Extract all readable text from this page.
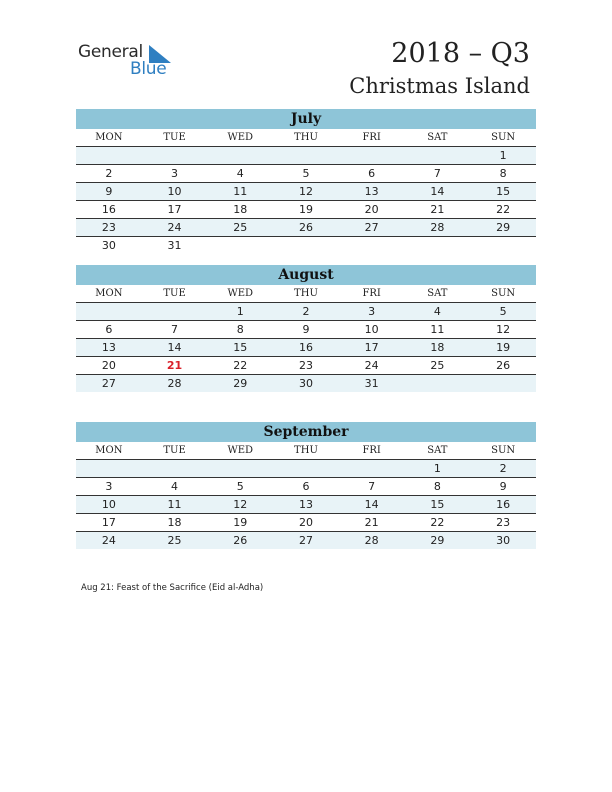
General
Blue	2018 – Q3
Christmas Island
July
MON	TUE	WED	THU	FRI	SAT	SUN
						1
2	3	4	5	6	7	8
9	10	11	12	13	14	15
16	17	18	19	20	21	22
23	24	25	26	27	28	29
30	31					
August
MON	TUE	WED	THU	FRI	SAT	SUN
		1	2	3	4	5
6	7	8	9	10	11	12
13	14	15	16	17	18	19
20	21	22	23	24	25	26
27	28	29	30	31		
September
MON	TUE	WED	THU	FRI	SAT	SUN
					1	2
3	4	5	6	7	8	9
10	11	12	13	14	15	16
17	18	19	20	21	22	23
24	25	26	27	28	29	30
Aug 21: Feast of the Sacrifice (Eid al-Adha)
